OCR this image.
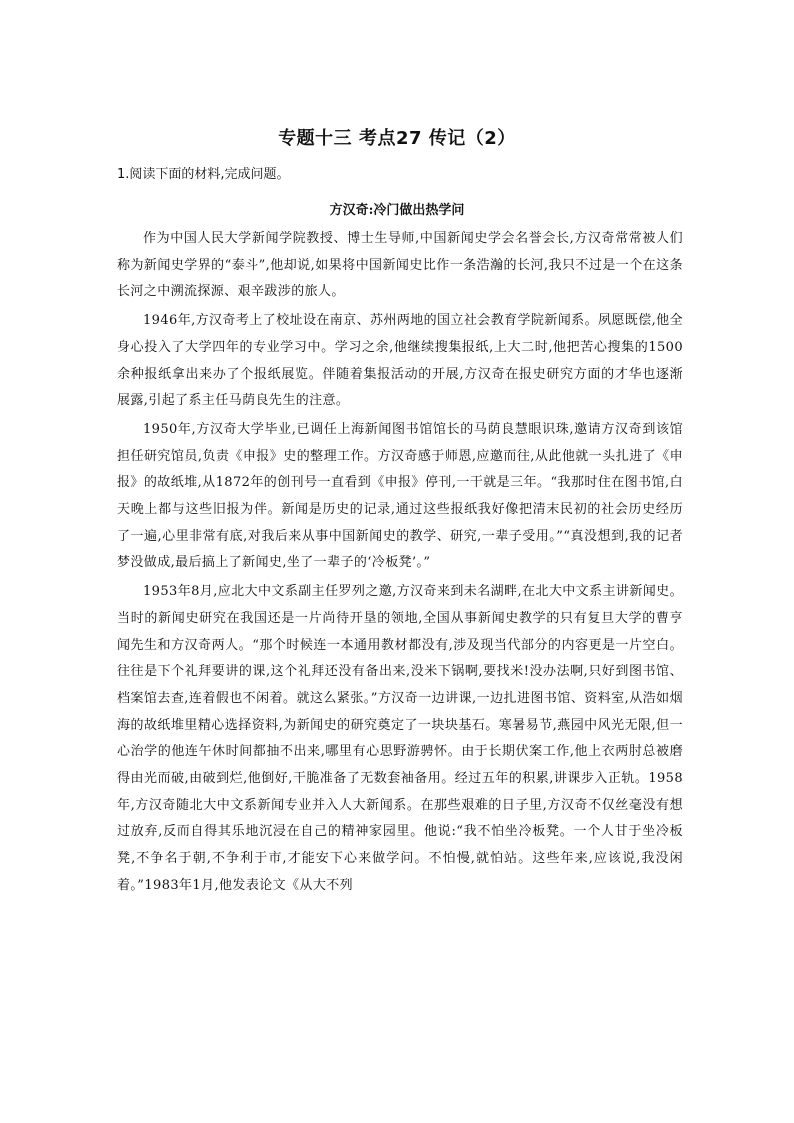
专题十三 考点27 传记（2）
1.阅读下面的材料,完成问题。
方汉奇:冷门做出热学问

作为中国人民大学新闻学院教授、博士生导师,中国新闻史学会名誉会长,方汉奇常常被人们称为新闻史学界的“泰斗”,他却说,如果将中国新闻史比作一条浩瀚的长河,我只不过是一个在这条长河之中溯流探源、艰辛跋涉的旅人。

1946年,方汉奇考上了校址设在南京、苏州两地的国立社会教育学院新闻系。夙愿既偿,他全身心投入了大学四年的专业学习中。学习之余,他继续搜集报纸,上大二时,他把苦心搜集的1500余种报纸拿出来办了个报纸展览。伴随着集报活动的开展,方汉奇在报史研究方面的才华也逐渐展露,引起了系主任马荫良先生的注意。

1950年,方汉奇大学毕业,已调任上海新闻图书馆馆长的马荫良慧眼识珠,邀请方汉奇到该馆担任研究馆员,负责《申报》史的整理工作。方汉奇感于师恩,应邀而往,从此他就一头扎进了《申报》的故纸堆,从1872年的创刊号一直看到《申报》停刊,一干就是三年。“我那时住在图书馆,白天晚上都与这些旧报为伴。新闻是历史的记录,通过这些报纸我好像把清末民初的社会历史经历了一遍,心里非常有底,对我后来从事中国新闻史的教学、研究,一辈子受用。”“真没想到,我的记者梦没做成,最后搞上了新闻史,坐了一辈子的‘冷板凳’。”

1953年8月,应北大中文系副主任罗列之邀,方汉奇来到未名湖畔,在北大中文系主讲新闻史。当时的新闻史研究在我国还是一片尚待开垦的领地,全国从事新闻史教学的只有复旦大学的曹亨闻先生和方汉奇两人。“那个时候连一本通用教材都没有,涉及现当代部分的内容更是一片空白。往往是下个礼拜要讲的课,这个礼拜还没有备出来,没米下锅啊,要找米!没办法啊,只好到图书馆、档案馆去查,连着假也不闲着。就这么紧张。”方汉奇一边讲课,一边扎进图书馆、资料室,从浩如烟海的故纸堆里精心选择资料,为新闻史的研究奠定了一块块基石。寒暑易节,燕园中风光无限,但一心治学的他连午休时间都抽不出来,哪里有心思野游骋怀。由于长期伏案工作,他上衣两肘总被磨得由光而破,由破到烂,他倒好,干脆准备了无数套袖备用。经过五年的积累,讲课步入正轨。1958年,方汉奇随北大中文系新闻专业并入人大新闻系。在那些艰难的日子里,方汉奇不仅丝毫没有想过放弃,反而自得其乐地沉浸在自己的精神家园里。他说:“我不怕坐冷板凳。一个人甘于坐冷板凳,不争名于朝,不争利于市,才能安下心来做学问。不怕慢,就怕站。这些年来,应该说,我没闲着。”1983年1月,他发表论文《从大不列
